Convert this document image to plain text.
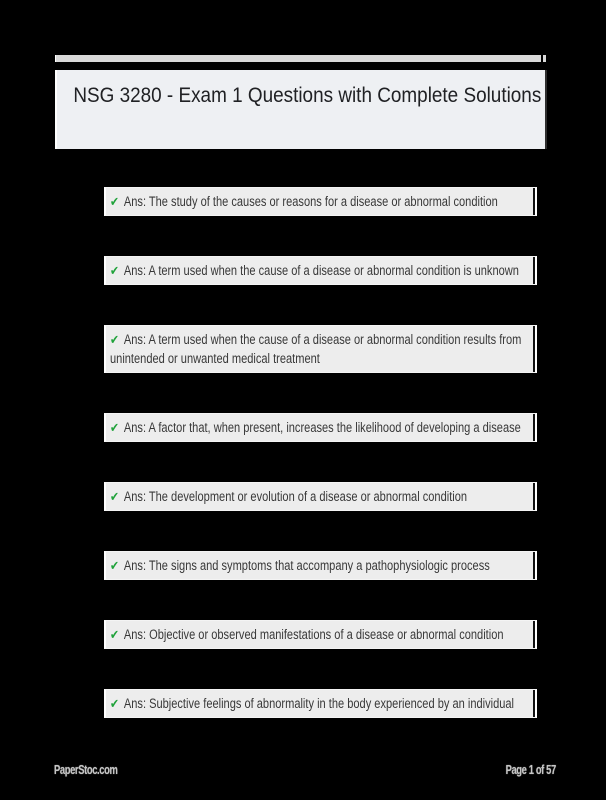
NSG 3280 - Exam 1 Questions with Complete Solutions
✔ Ans: The study of the causes or reasons for a disease or abnormal condition
✔ Ans: A term used when the cause of a disease or abnormal condition is unknown
✔ Ans: A term used when the cause of a disease or abnormal condition results from unintended or unwanted medical treatment
✔ Ans: A factor that, when present, increases the likelihood of developing a disease
✔ Ans: The development or evolution of a disease or abnormal condition
✔ Ans: The signs and symptoms that accompany a pathophysiologic process
✔ Ans: Objective or observed manifestations of a disease or abnormal condition
✔ Ans: Subjective feelings of abnormality in the body experienced by an individual
PaperStoc.com	Page 1 of 57
